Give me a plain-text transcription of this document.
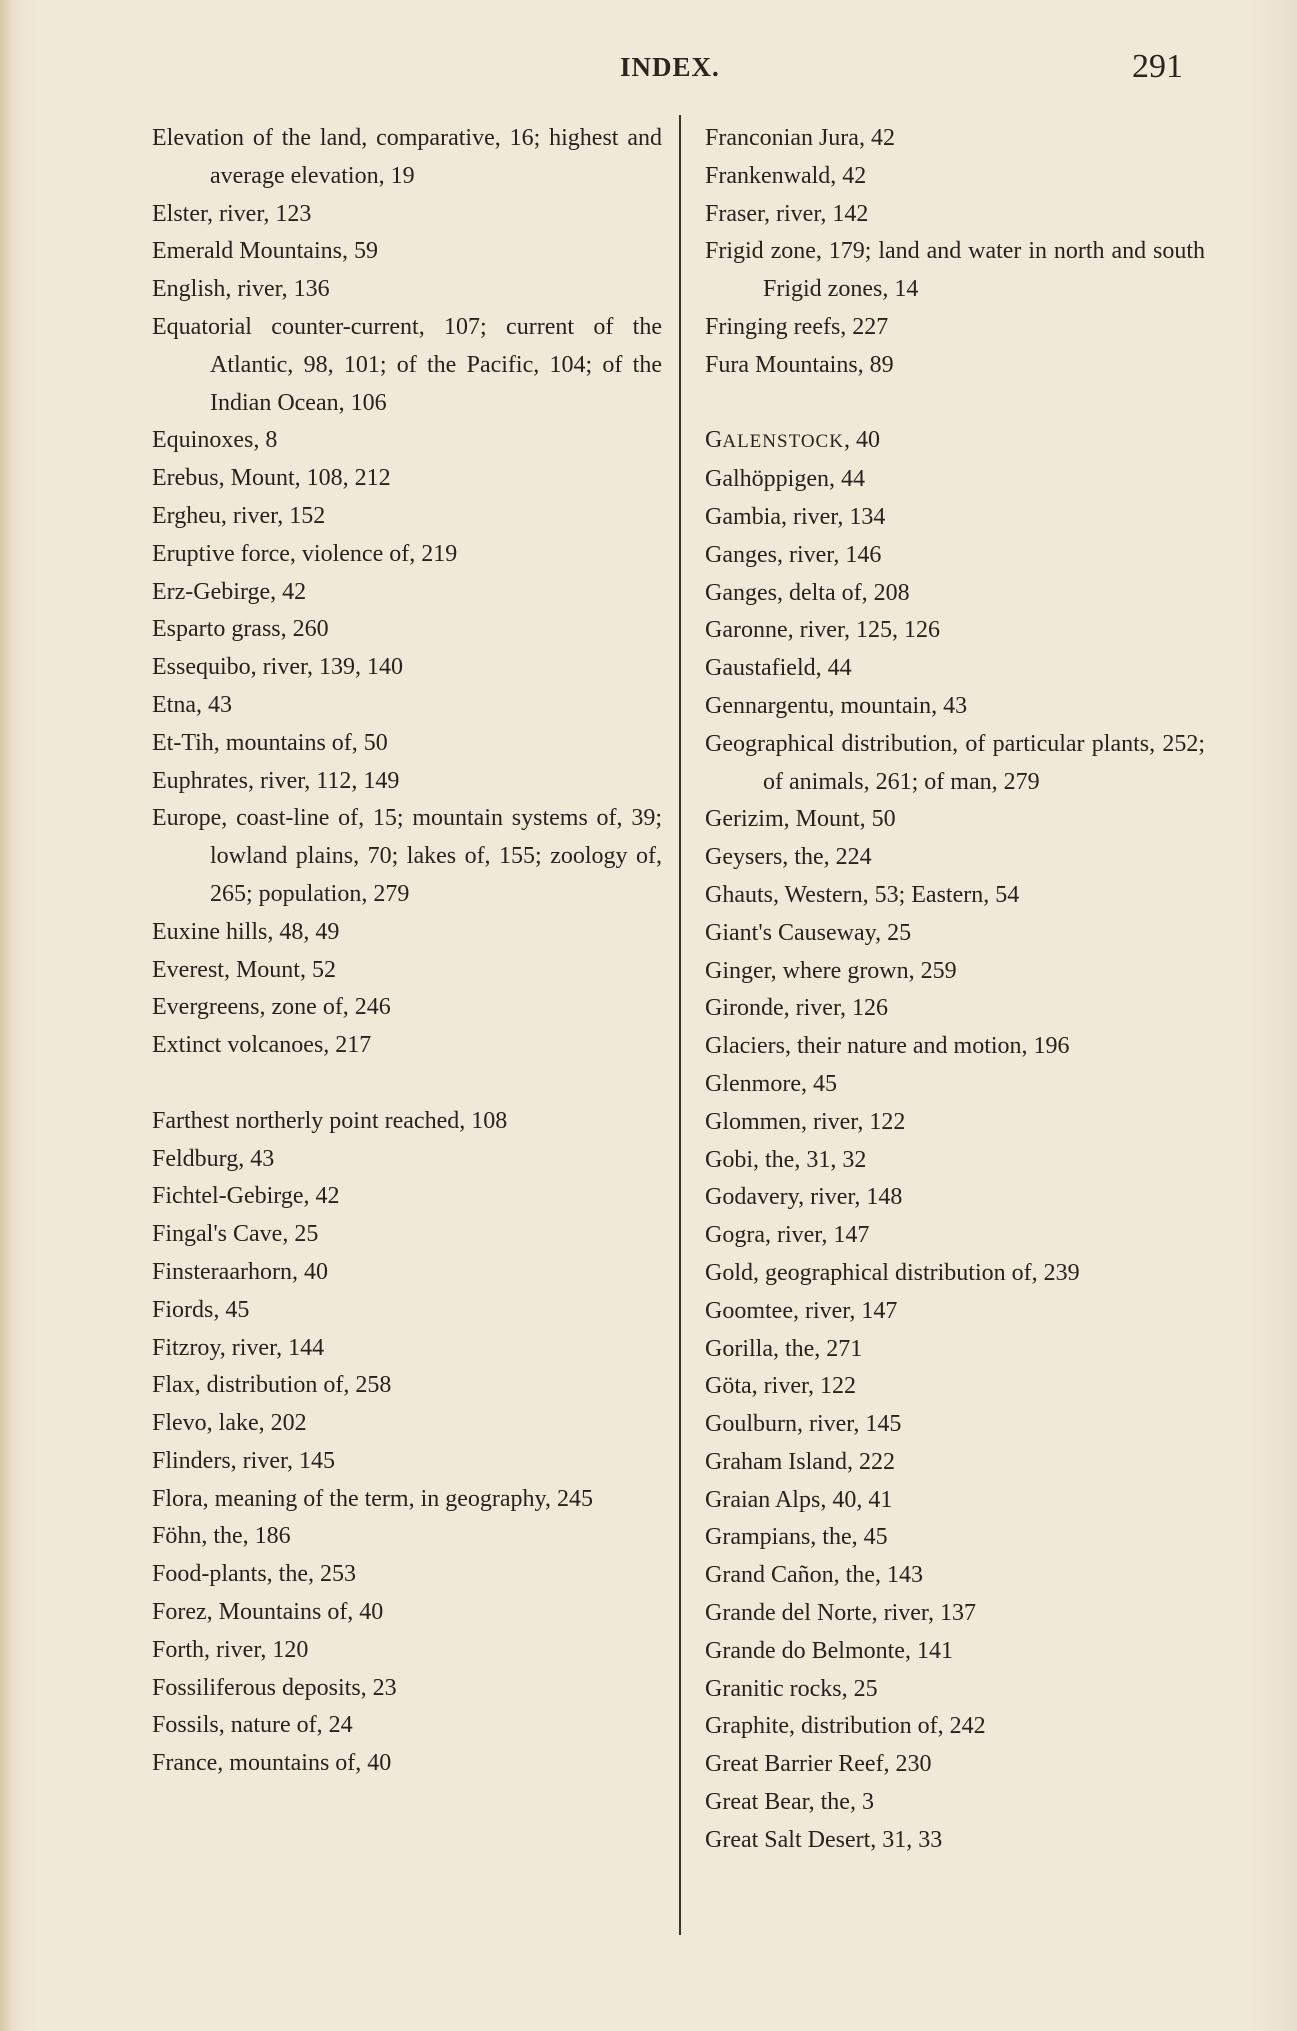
INDEX.	291
Elevation of the land, comparative, 16; highest and average elevation, 19
Elster, river, 123
Emerald Mountains, 59
English, river, 136
Equatorial counter-current, 107; current of the Atlantic, 98, 101; of the Pacific, 104; of the Indian Ocean, 106
Equinoxes, 8
Erebus, Mount, 108, 212
Ergheu, river, 152
Eruptive force, violence of, 219
Erz-Gebirge, 42
Esparto grass, 260
Essequibo, river, 139, 140
Etna, 43
Et-Tih, mountains of, 50
Euphrates, river, 112, 149
Europe, coast-line of, 15; mountain systems of, 39; lowland plains, 70; lakes of, 155; zoology of, 265; population, 279
Euxine hills, 48, 49
Everest, Mount, 52
Evergreens, zone of, 246
Extinct volcanoes, 217
Farthest northerly point reached, 108
Feldburg, 43
Fichtel-Gebirge, 42
Fingal's Cave, 25
Finsteraarhorn, 40
Fiords, 45
Fitzroy, river, 144
Flax, distribution of, 258
Flevo, lake, 202
Flinders, river, 145
Flora, meaning of the term, in geography, 245
Föhn, the, 186
Food-plants, the, 253
Forez, Mountains of, 40
Forth, river, 120
Fossiliferous deposits, 23
Fossils, nature of, 24
France, mountains of, 40
Franconian Jura, 42
Frankenwald, 42
Fraser, river, 142
Frigid zone, 179; land and water in north and south Frigid zones, 14
Fringing reefs, 227
Fura Mountains, 89
GALENSTOCK, 40
Galhöppigen, 44
Gambia, river, 134
Ganges, river, 146
Ganges, delta of, 208
Garonne, river, 125, 126
Gaustafield, 44
Gennargentu, mountain, 43
Geographical distribution, of particular plants, 252; of animals, 261; of man, 279
Gerizim, Mount, 50
Geysers, the, 224
Ghauts, Western, 53; Eastern, 54
Giant's Causeway, 25
Ginger, where grown, 259
Gironde, river, 126
Glaciers, their nature and motion, 196
Glenmore, 45
Glommen, river, 122
Gobi, the, 31, 32
Godavery, river, 148
Gogra, river, 147
Gold, geographical distribution of, 239
Goomtee, river, 147
Gorilla, the, 271
Göta, river, 122
Goulburn, river, 145
Graham Island, 222
Graian Alps, 40, 41
Grampians, the, 45
Grand Cañon, the, 143
Grande del Norte, river, 137
Grande do Belmonte, 141
Granitic rocks, 25
Graphite, distribution of, 242
Great Barrier Reef, 230
Great Bear, the, 3
Great Salt Desert, 31, 33
